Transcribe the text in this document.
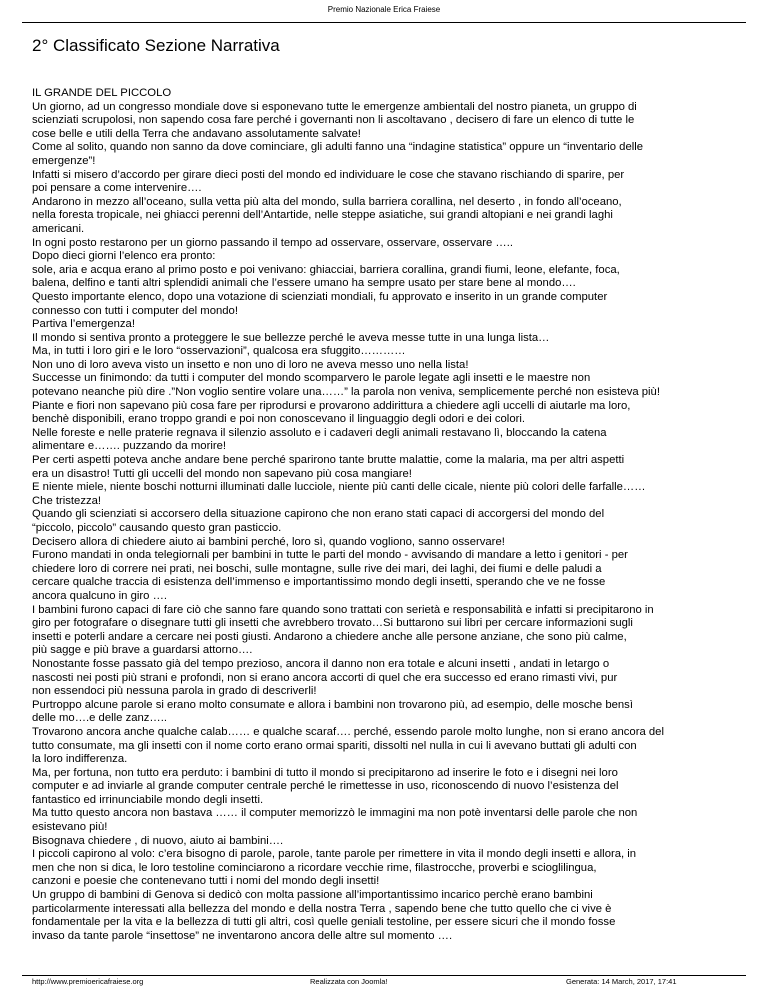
Premio Nazionale Erica Fraiese
2° Classificato Sezione Narrativa
IL GRANDE DEL PICCOLO
Un giorno, ad un congresso mondiale dove si esponevano tutte le emergenze ambientali del nostro pianeta, un gruppo di
scienziati scrupolosi, non sapendo cosa fare perché i governanti non li ascoltavano , decisero di fare un elenco di tutte le
cose belle e utili della Terra che andavano assolutamente salvate!
Come al solito, quando non sanno da dove cominciare, gli adulti fanno una “indagine statistica” oppure un “inventario delle
emergenze”!
Infatti si misero d’accordo per girare dieci posti del mondo ed individuare le cose che stavano rischiando di sparire, per
poi pensare a come intervenire….
Andarono in mezzo all’oceano, sulla vetta più alta del mondo, sulla barriera corallina, nel deserto , in fondo all’oceano,
nella foresta tropicale, nei ghiacci perenni dell’Antartide, nelle steppe asiatiche, sui grandi altopiani e nei grandi laghi
americani.
In ogni posto restarono per un giorno passando il tempo ad osservare, osservare, osservare …..
Dopo dieci giorni l’elenco era pronto:
sole, aria e acqua erano al primo posto e poi venivano: ghiacciai, barriera corallina, grandi fiumi, leone, elefante, foca,
balena, delfino e tanti altri splendidi animali che l’essere umano ha sempre usato per stare bene al mondo….
Questo importante elenco, dopo una votazione di scienziati mondiali, fu approvato e inserito in un grande computer
connesso con tutti i computer del mondo!
Partiva l’emergenza!
Il mondo si sentiva pronto a proteggere le sue bellezze perché le aveva messe tutte in una lunga lista…
Ma, in tutti i loro giri e le loro “osservazioni”, qualcosa era sfuggito…………
Non uno di loro aveva visto un insetto e non uno di loro ne aveva messo uno nella lista!
Successe un finimondo: da tutti i computer del mondo scomparvero le parole legate agli insetti e le maestre non
potevano neanche più dire .”Non voglio sentire volare una……” la parola non veniva, semplicemente perché non esisteva più!
Piante e fiori non sapevano più cosa fare per riprodursi e provarono addirittura a chiedere agli uccelli di aiutarle ma loro,
benchè disponibili, erano troppo grandi e poi non conoscevano il linguaggio degli odori e dei colori.
Nelle foreste e nelle praterie regnava il silenzio assoluto e i cadaveri degli animali restavano lì, bloccando la catena
alimentare e……. puzzando da morire!
Per certi aspetti poteva anche andare bene perché sparirono tante brutte malattie, come la malaria, ma per altri aspetti
era un disastro! Tutti gli uccelli del mondo non sapevano più cosa mangiare!
E niente miele, niente boschi notturni illuminati dalle lucciole, niente più canti delle cicale, niente più colori delle farfalle……
Che tristezza!
Quando gli scienziati si accorsero della situazione capirono che non erano stati capaci di accorgersi del mondo del
“piccolo, piccolo” causando questo gran pasticcio.
Decisero allora di chiedere aiuto ai bambini perché, loro sì, quando vogliono, sanno osservare!
Furono mandati in onda telegiornali per bambini in tutte le parti del mondo - avvisando di mandare a letto i genitori - per
chiedere loro di correre nei prati, nei boschi, sulle montagne, sulle rive dei mari, dei laghi, dei fiumi e delle paludi a
cercare qualche traccia di esistenza dell’immenso e importantissimo mondo degli insetti, sperando che ve ne fosse
ancora qualcuno in giro ….
I bambini furono capaci di fare ciò che sanno fare quando sono trattati con serietà e responsabilità e infatti si precipitarono in
giro per fotografare o disegnare tutti gli insetti che avrebbero trovato…Si buttarono sui libri per cercare informazioni sugli
insetti e poterli andare a cercare nei posti giusti. Andarono a chiedere anche alle persone anziane, che sono più calme,
più sagge e più brave a guardarsi attorno….
Nonostante fosse passato già del tempo prezioso, ancora il danno non era totale e alcuni insetti , andati in letargo o
nascosti nei posti più strani e profondi, non si erano ancora accorti di quel che era successo ed erano rimasti vivi, pur
non essendoci più nessuna parola in grado di descriverli!
Purtroppo alcune parole si erano molto consumate e allora i bambini non trovarono più, ad esempio, delle mosche bensì
delle mo….e delle zanz…..
Trovarono ancora anche qualche calab…… e qualche scaraf…. perché, essendo parole molto lunghe, non si erano ancora del
tutto consumate, ma gli insetti con il nome corto erano ormai spariti, dissolti nel nulla in cui li avevano buttati gli adulti con
la loro indifferenza.
Ma, per fortuna, non tutto era perduto: i bambini di tutto il mondo si precipitarono ad inserire le foto e i disegni nei loro
computer e ad inviarle al grande computer centrale perché le rimettesse in uso, riconoscendo di nuovo l’esistenza del
fantastico ed irrinunciabile mondo degli insetti.
Ma tutto questo ancora non bastava …… il computer memorizzò le immagini ma non potè inventarsi delle parole che non
esistevano più!
Bisognava chiedere , di nuovo, aiuto ai bambini….
I piccoli capirono al volo: c’era bisogno di parole, parole, tante parole per rimettere in vita il mondo degli insetti e allora, in
men che non si dica, le loro testoline cominciarono a ricordare vecchie rime, filastrocche, proverbi e scioglilingua,
canzoni e poesie che contenevano tutti i nomi del mondo degli insetti!
Un gruppo di bambini di Genova si dedicò con molta passione all’importantissimo incarico perchè erano bambini
particolarmente interessati alla bellezza del mondo e della nostra Terra , sapendo bene che tutto quello che ci vive è
fondamentale per la vita e la bellezza di tutti gli altri, così quelle geniali testoline, per essere sicuri che il mondo fosse
invaso da tante parole “insettose” ne inventarono ancora delle altre sul momento ….
http://www.premioericafraiese.org	Realizzata con Joomla!	Generata: 14 March, 2017, 17:41
